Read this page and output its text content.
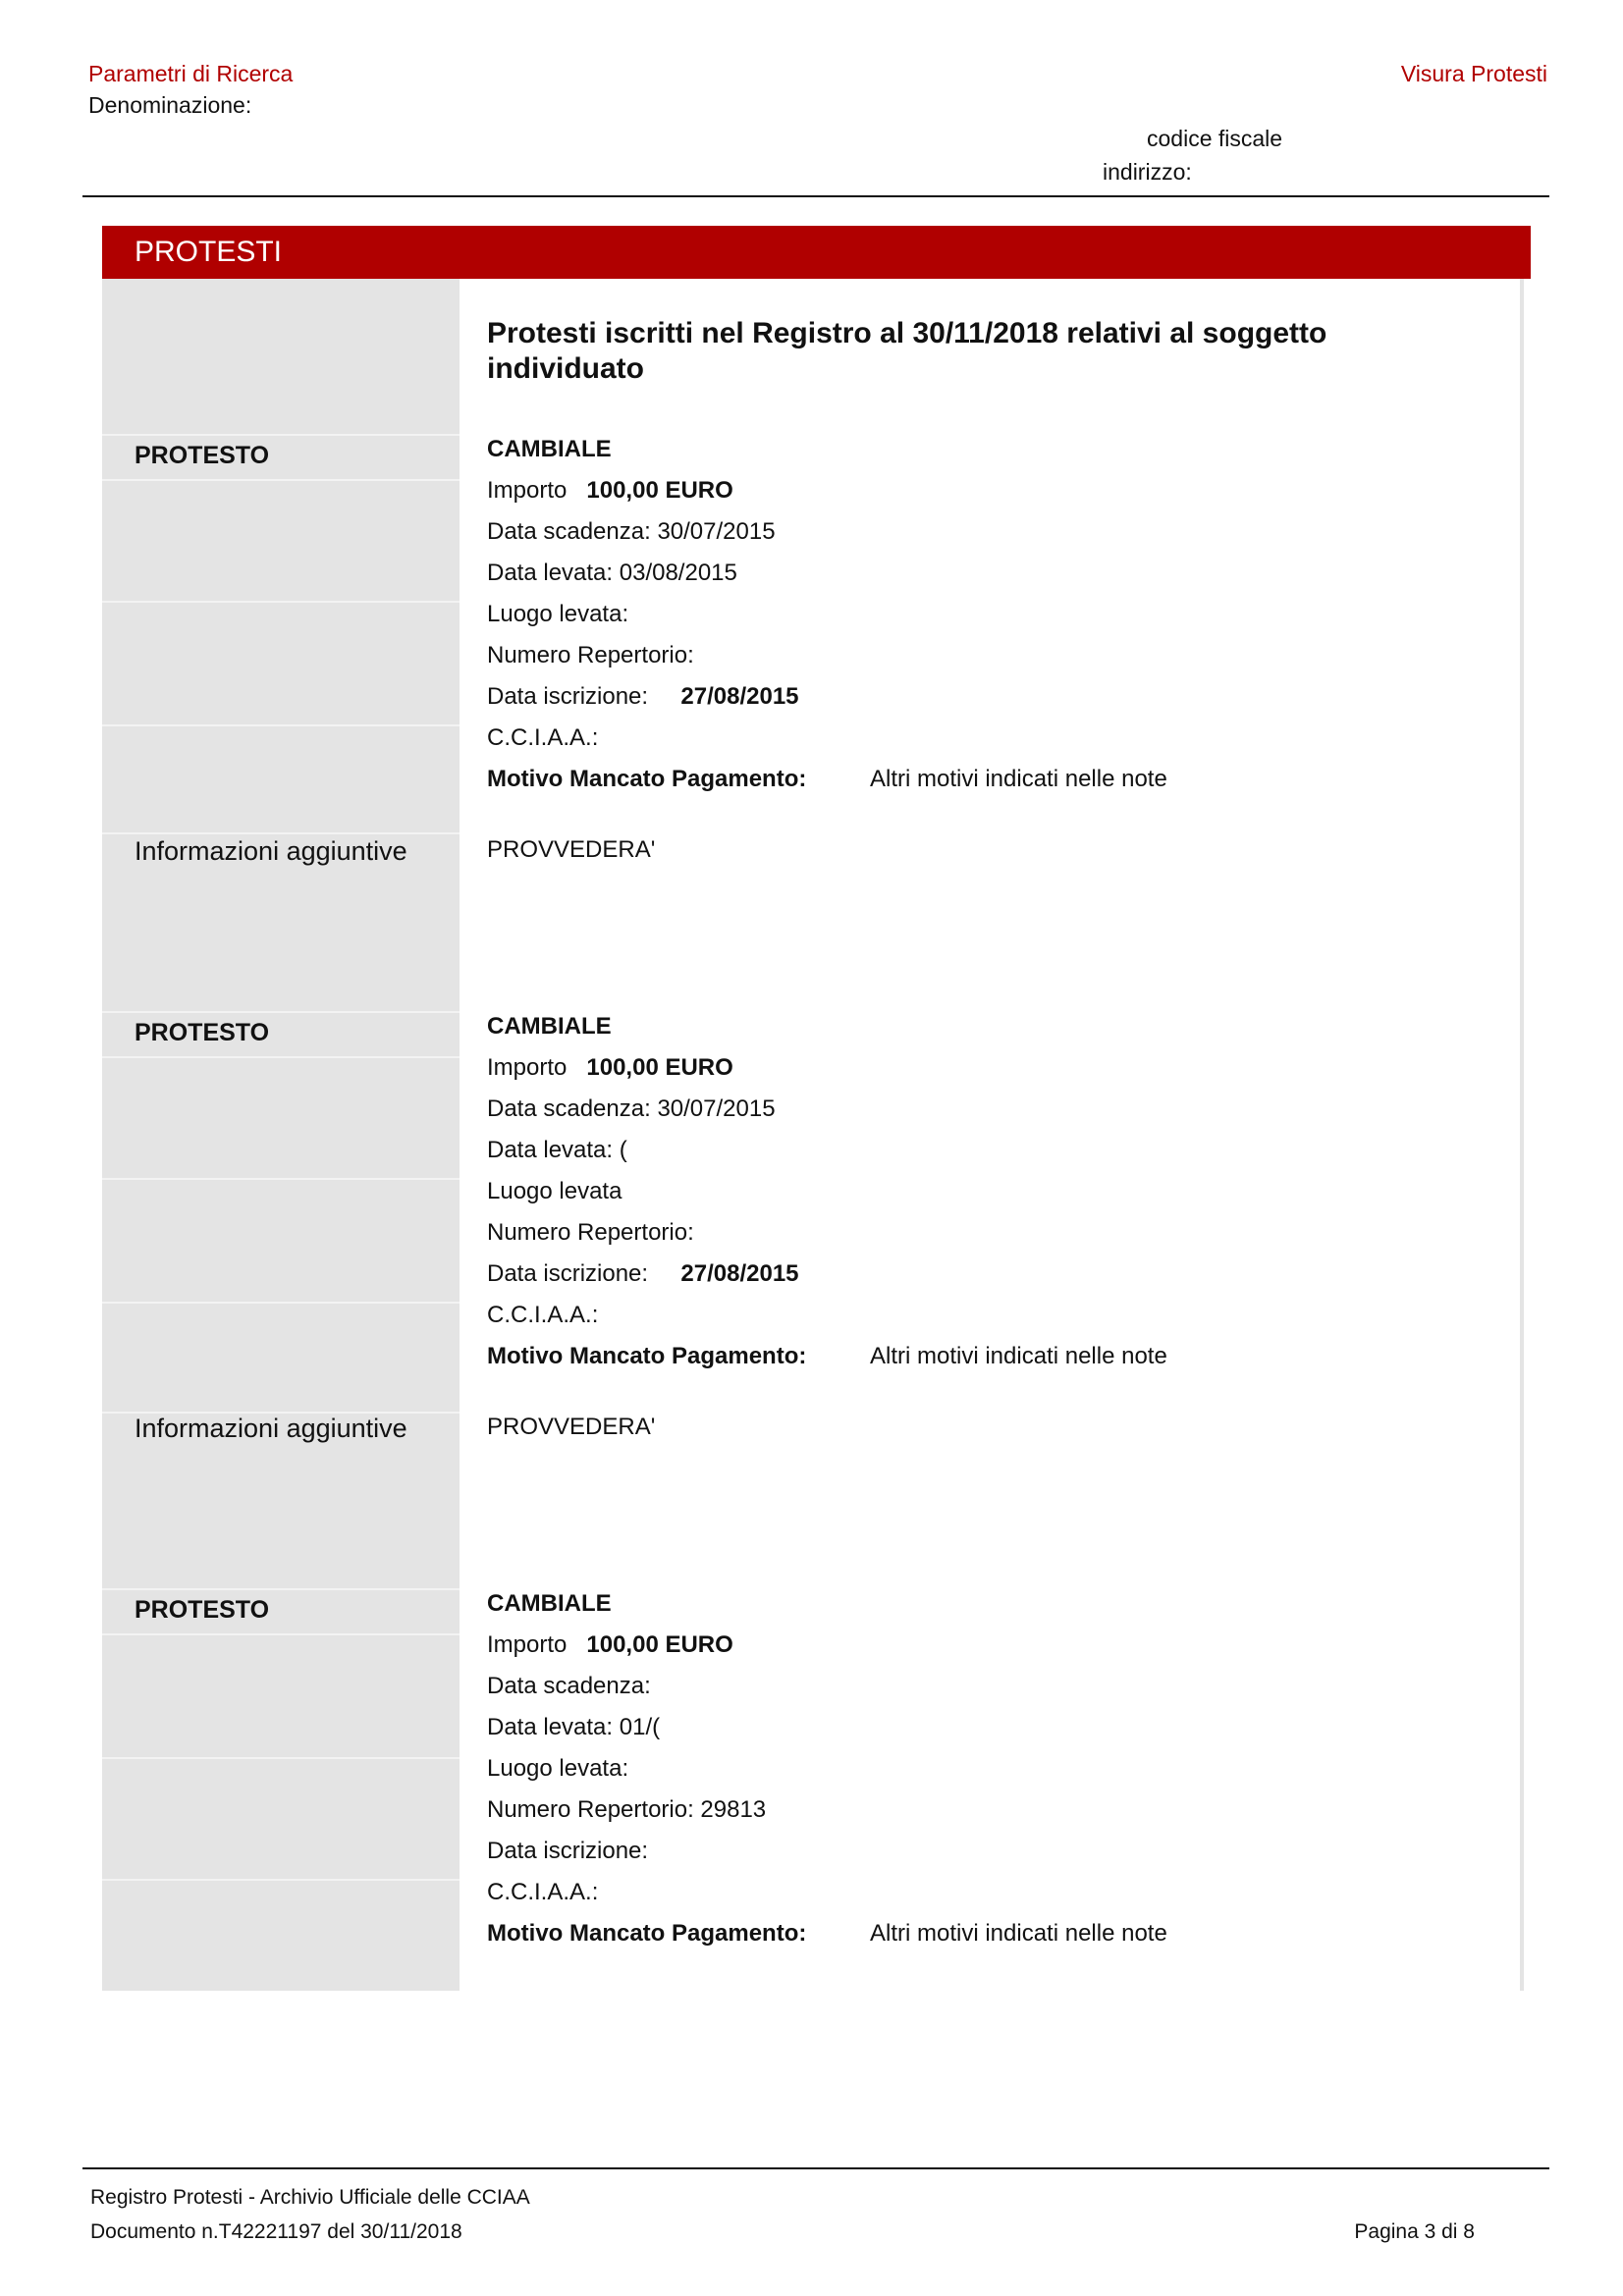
Parametri di Ricerca	Visura Protesti
Denominazione:
codice fiscale
indirizzo:
PROTESTI
Protesti iscritti nel Registro al 30/11/2018 relativi al soggetto individuato
PROTESTO	CAMBIALE
Importo 100,00 EURO
Data scadenza: 30/07/2015
Data levata: 03/08/2015
Luogo levata:
Numero Repertorio:
Data iscrizione: 27/08/2015
C.C.I.A.A.:
Motivo Mancato Pagamento:	Altri motivi indicati nelle note
Informazioni aggiuntive	PROVVEDERA'
PROTESTO	CAMBIALE
Importo 100,00 EURO
Data scadenza: 30/07/2015
Data levata: (
Luogo levata
Numero Repertorio:
Data iscrizione: 27/08/2015
C.C.I.A.A.:
Motivo Mancato Pagamento:	Altri motivi indicati nelle note
Informazioni aggiuntive	PROVVEDERA'
PROTESTO	CAMBIALE
Importo 100,00 EURO
Data scadenza:
Data levata: 01/(
Luogo levata:
Numero Repertorio: 29813
Data iscrizione:
C.C.I.A.A.:
Motivo Mancato Pagamento:	Altri motivi indicati nelle note
Registro Protesti - Archivio Ufficiale delle CCIAA
Documento n.T42221197 del 30/11/2018	Pagina 3 di 8
